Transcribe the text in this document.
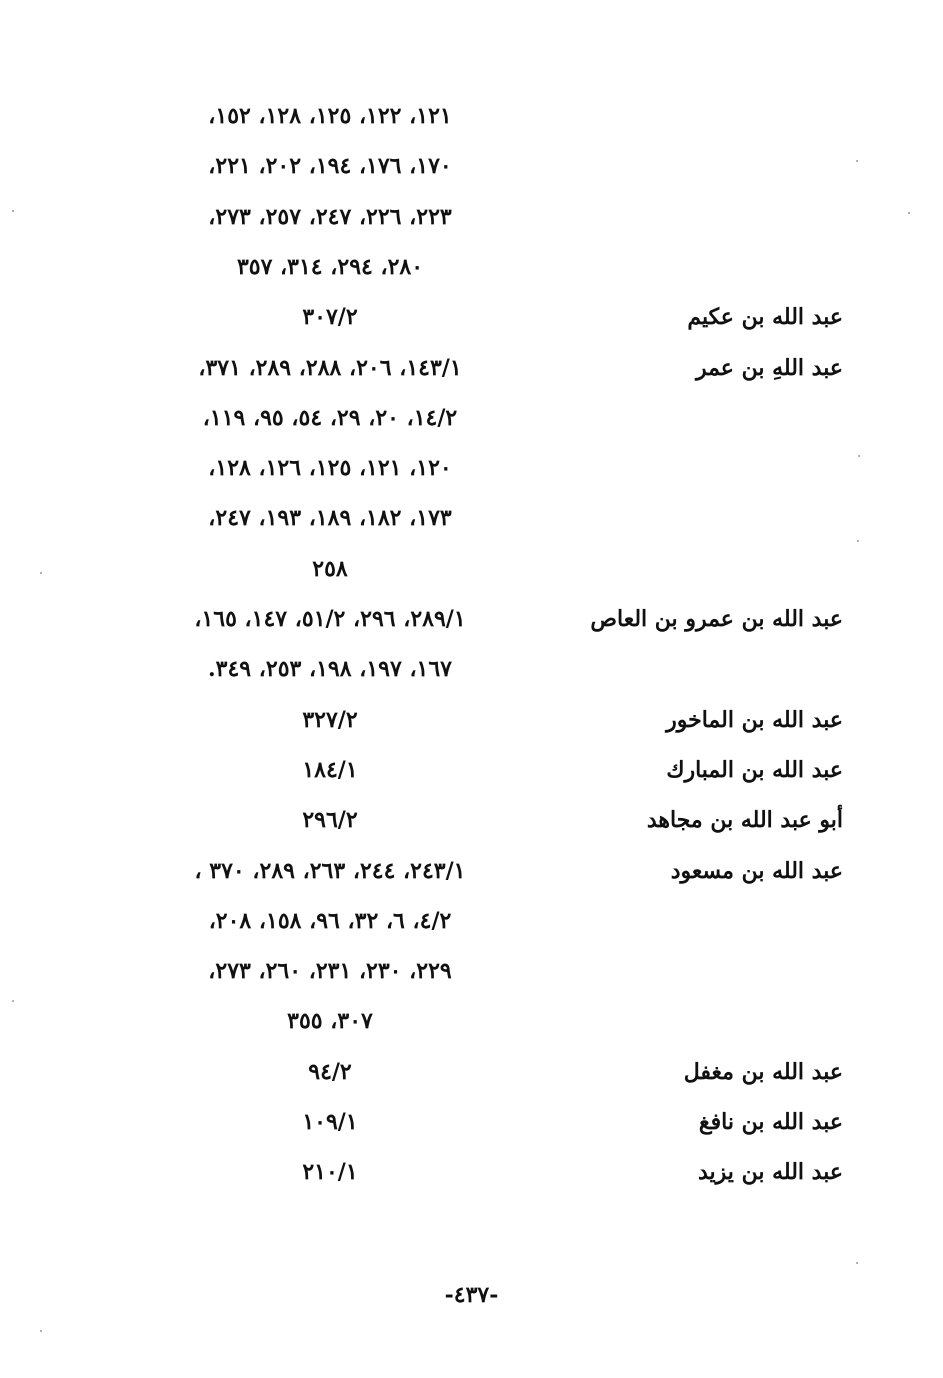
١٢١، ١٢٢، ١٢٥، ١٢٨، ١٥٢،
١٧٠، ١٧٦، ١٩٤، ٢٠٢، ٢٢١،
٢٢٣، ٢٢٦، ٢٤٧، ٢٥٧، ٢٧٣،
٢٨٠، ٢٩٤، ٣١٤، ٣٥٧
عبد الله بن عكيم
٣٠٧/٢
عبد اللهِ بن عمر
١٤٣/١، ٢٠٦، ٢٨٨، ٢٨٩، ٣٧١،
١٤/٢، ٢٠، ٢٩، ٥٤، ٩٥، ١١٩،
١٢٠، ١٢١، ١٢٥، ١٢٦، ١٢٨،
١٧٣، ١٨٢، ١٨٩، ١٩٣، ٢٤٧،
٢٥٨
عبد الله بن عمرو بن العاص
٢٨٩/١، ٢٩٦، ٥١/٢، ١٤٧، ١٦٥،
١٦٧، ١٩٧، ١٩٨، ٢٥٣، ٣٤٩.
عبد الله بن الماخور
٣٢٧/٢
عبد الله بن المبارك
١٨٤/١
أبو عبد الله بن مجاهد
٢٩٦/٢
عبد الله بن مسعود
٢٤٣/١، ٢٤٤، ٢٦٣، ٢٨٩، ٣٧٠ ،
٤/٢، ٦، ٣٢، ٩٦، ١٥٨، ٢٠٨،
٢٢٩، ٢٣٠، ٢٣١، ٢٦٠، ٢٧٣،
٣٠٧، ٣٥٥
عبد الله بن مغفل
٩٤/٢
عبد الله بن نافغ
١٠٩/١
عبد الله بن يزيد
٢١٠/١
-٤٣٧-
